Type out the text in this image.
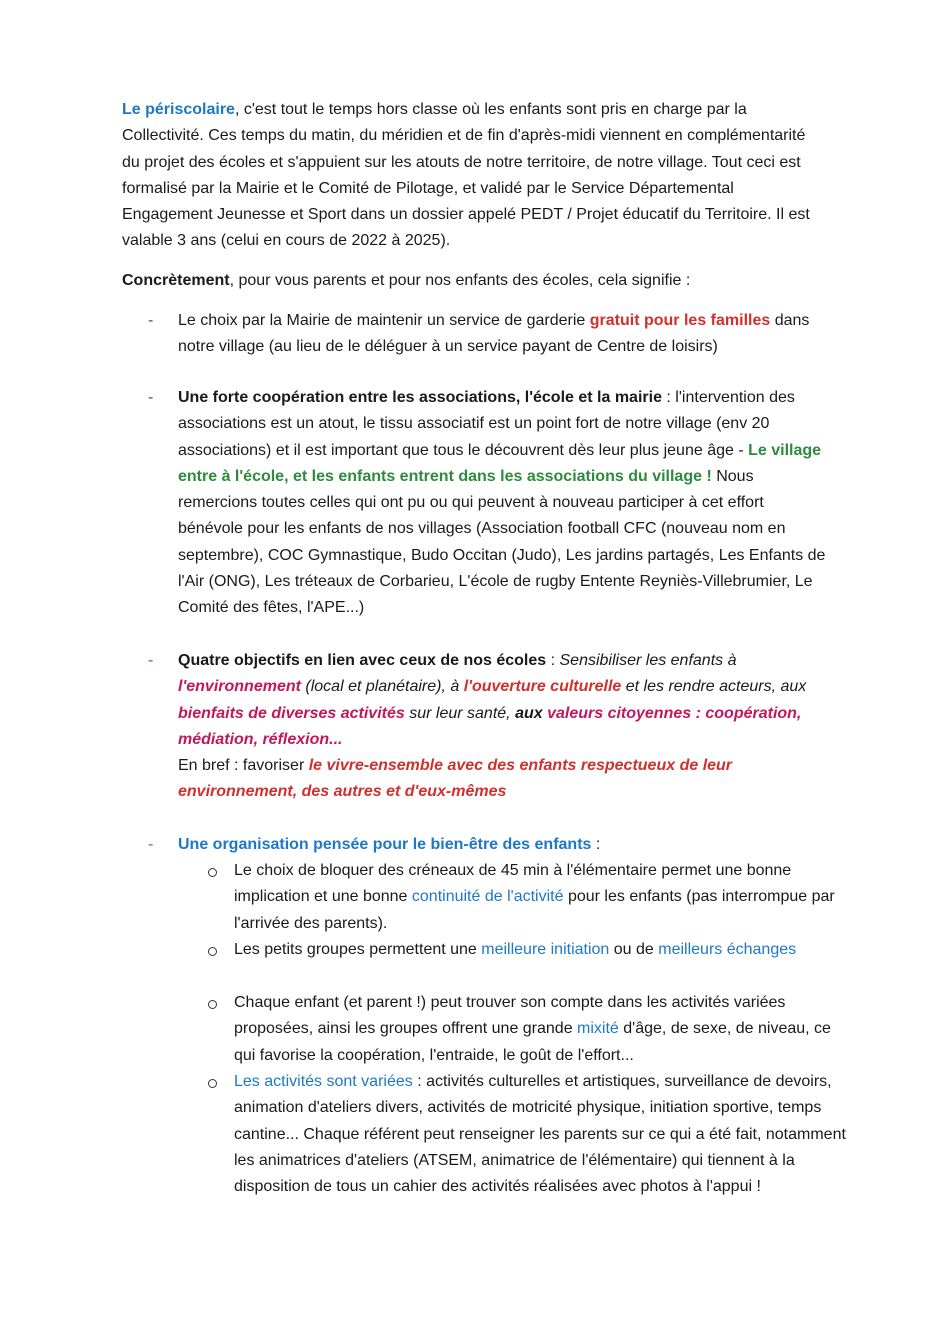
Le périscolaire, c'est tout le temps hors classe où les enfants sont pris en charge par la Collectivité. Ces temps du matin, du méridien et de fin d'après-midi viennent en complémentarité du projet des écoles et s'appuient sur les atouts de notre territoire, de notre village. Tout ceci est formalisé par la Mairie et le Comité de Pilotage, et validé par le Service Départemental Engagement Jeunesse et Sport dans un dossier appelé PEDT / Projet éducatif du Territoire. Il est valable 3 ans (celui en cours de 2022 à 2025).

Concrètement, pour vous parents et pour nos enfants des écoles, cela signifie :

- Le choix par la Mairie de maintenir un service de garderie gratuit pour les familles dans notre village (au lieu de le déléguer à un service payant de Centre de loisirs)

- Une forte coopération entre les associations, l'école et la mairie : l'intervention des associations est un atout, le tissu associatif est un point fort de notre village (env 20 associations) et il est important que tous le découvrent dès leur plus jeune âge - Le village entre à l'école, et les enfants entrent dans les associations du village ! Nous remercions toutes celles qui ont pu ou qui peuvent à nouveau participer à cet effort bénévole pour les enfants de nos villages (Association football CFC (nouveau nom en septembre), COC Gymnastique, Budo Occitan (Judo), Les jardins partagés, Les Enfants de l'Air (ONG), Les tréteaux de Corbarieu, L'école de rugby Entente Reyniès-Villebrumier, Le Comité des fêtes, l'APE...)

- Quatre objectifs en lien avec ceux de nos écoles : Sensibiliser les enfants à l'environnement (local et planétaire), à l'ouverture culturelle et les rendre acteurs, aux bienfaits de diverses activités sur leur santé, aux valeurs citoyennes : coopération, médiation, réflexion...
En bref : favoriser le vivre-ensemble avec des enfants respectueux de leur environnement, des autres et d'eux-mêmes

- Une organisation pensée pour le bien-être des enfants :

Le choix de bloquer des créneaux de 45 min à l'élémentaire permet une bonne implication et une bonne continuité de l'activité pour les enfants (pas interrompue par l'arrivée des parents).

Les petits groupes permettent une meilleure initiation ou de meilleurs échanges

Chaque enfant (et parent !) peut trouver son compte dans les activités variées proposées, ainsi les groupes offrent une grande mixité d'âge, de sexe, de niveau, ce qui favorise la coopération, l'entraide, le goût de l'effort...

Les activités sont variées : activités culturelles et artistiques, surveillance de devoirs, animation d'ateliers divers, activités de motricité physique, initiation sportive, temps cantine... Chaque référent peut renseigner les parents sur ce qui a été fait, notamment les animatrices d'ateliers (ATSEM, animatrice de l'élémentaire) qui tiennent à la disposition de tous un cahier des activités réalisées avec photos à l'appui !
